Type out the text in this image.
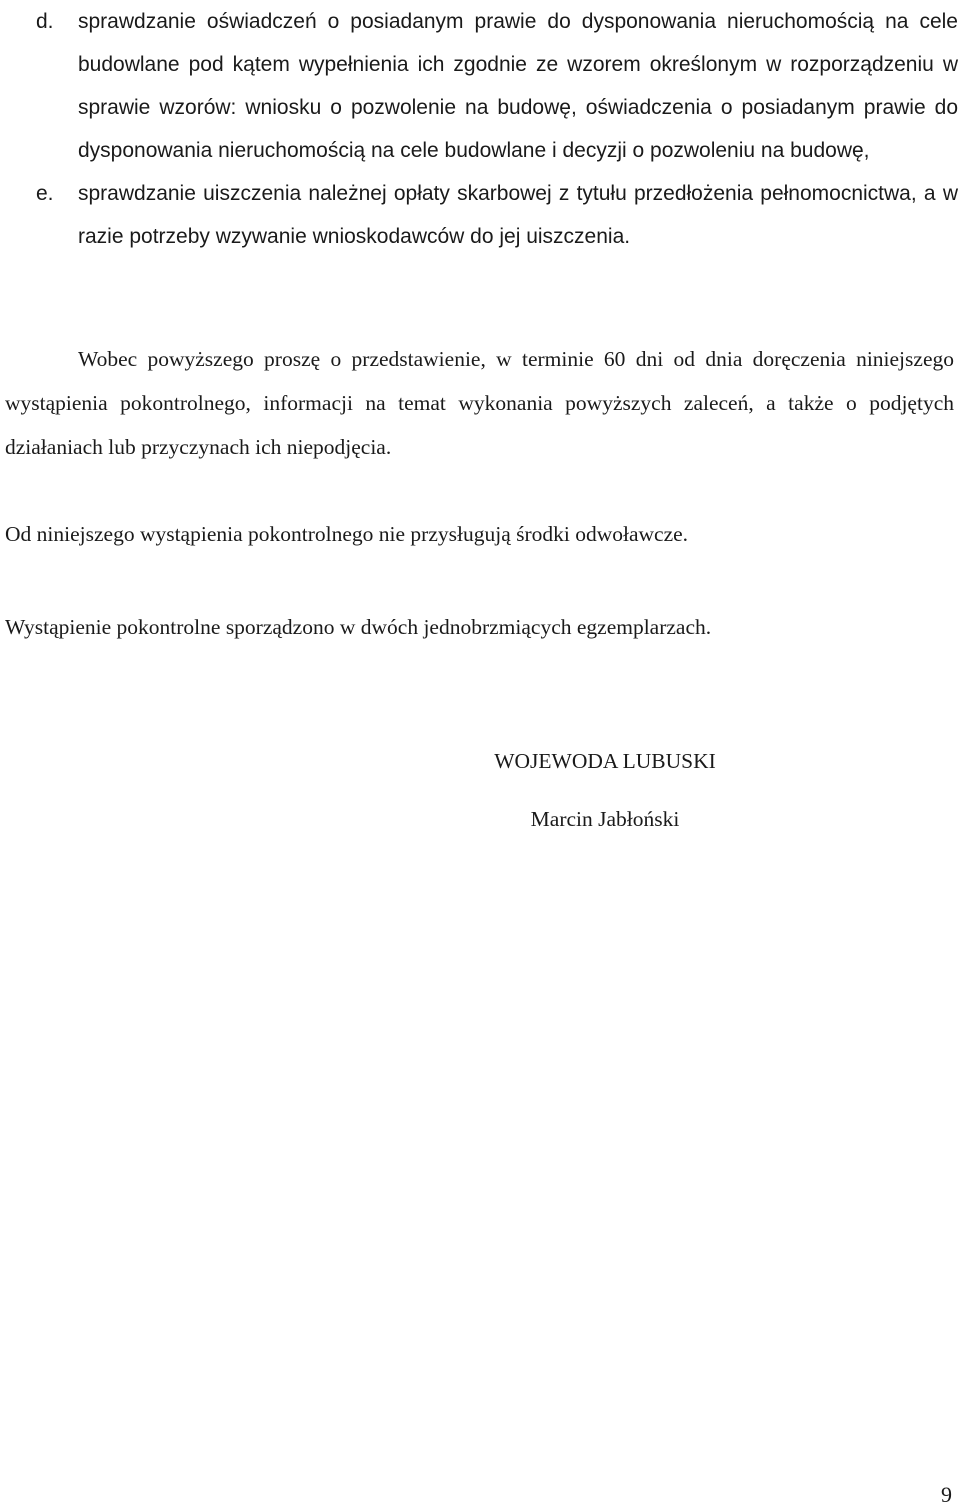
d. sprawdzanie oświadczeń o posiadanym prawie do dysponowania nieruchomością na cele budowlane pod kątem wypełnienia ich zgodnie ze wzorem określonym w rozporządzeniu w sprawie wzorów: wniosku o pozwolenie na budowę, oświadczenia o posiadanym prawie do dysponowania nieruchomością na cele budowlane i decyzji o pozwoleniu na budowę,
e. sprawdzanie uiszczenia należnej opłaty skarbowej z tytułu przedłożenia pełnomocnictwa, a w razie potrzeby wzywanie wnioskodawców do jej uiszczenia.

Wobec powyższego proszę o przedstawienie, w terminie 60 dni od dnia doręczenia niniejszego wystąpienia pokontrolnego, informacji na temat wykonania powyższych zaleceń, a także o podjętych działaniach lub przyczynach ich niepodjęcia.

Od niniejszego wystąpienia pokontrolnego nie przysługują środki odwoławcze.

Wystąpienie pokontrolne sporządzono w dwóch jednobrzmiących egzemplarzach.

WOJEWODA LUBUSKI
Marcin Jabłoński
9
